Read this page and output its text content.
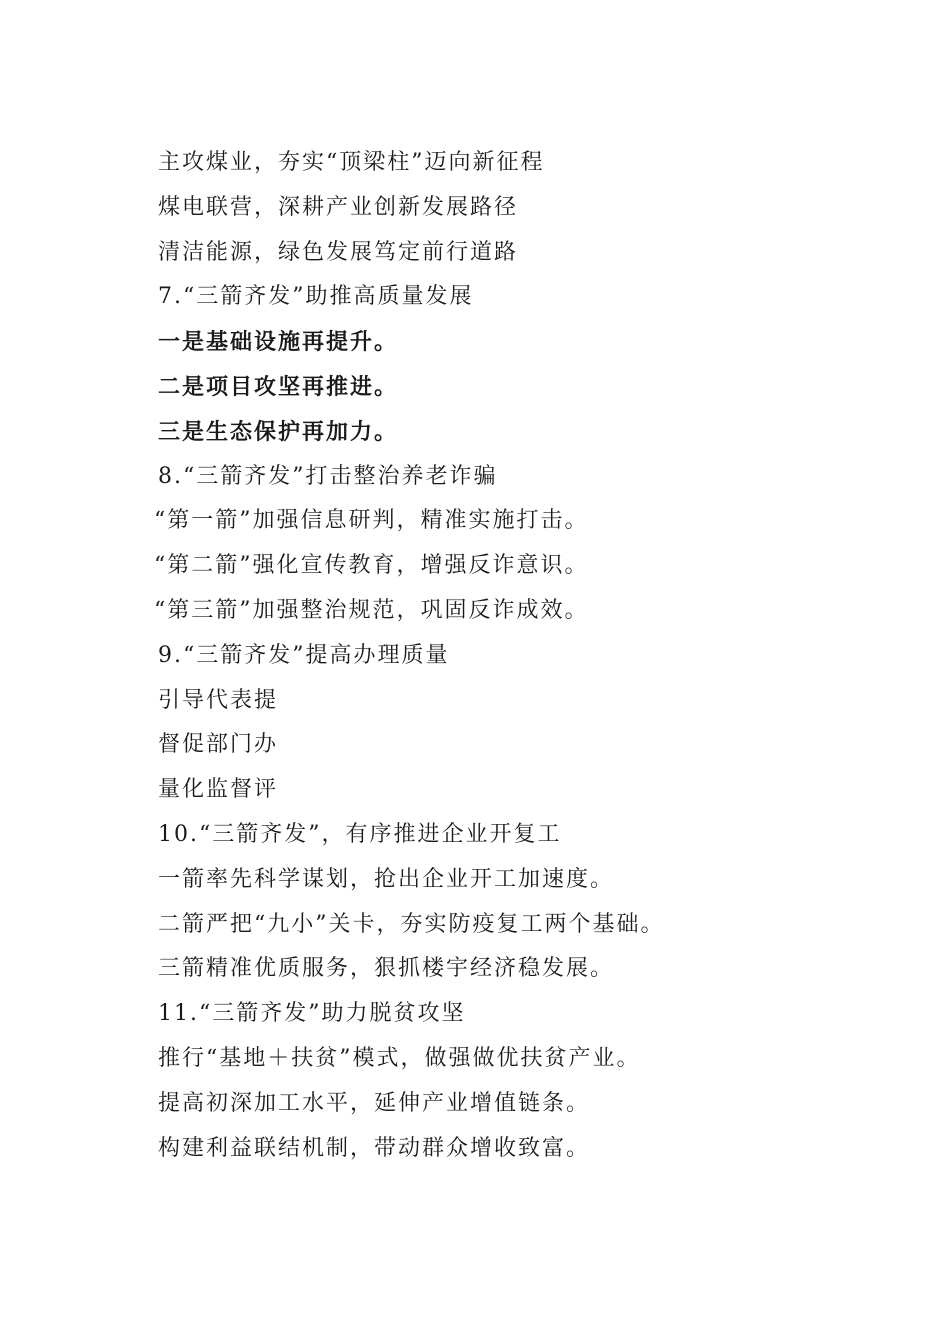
主攻煤业，夯实“顶梁柱”迈向新征程
煤电联营，深耕产业创新发展路径
清洁能源，绿色发展笃定前行道路
7.“三箭齐发”助推高质量发展
一是基础设施再提升。
二是项目攻坚再推进。
三是生态保护再加力。
8.“三箭齐发”打击整治养老诈骗
“第一箭”加强信息研判，精准实施打击。
“第二箭”强化宣传教育，增强反诈意识。
“第三箭”加强整治规范，巩固反诈成效。
9.“三箭齐发”提高办理质量
引导代表提
督促部门办
量化监督评
10.“三箭齐发”，有序推进企业开复工
一箭率先科学谋划，抢出企业开工加速度。
二箭严把“九小”关卡，夯实防疫复工两个基础。
三箭精准优质服务，狠抓楼宇经济稳发展。
11.“三箭齐发”助力脱贫攻坚
推行“基地＋扶贫”模式，做强做优扶贫产业。
提高初深加工水平，延伸产业增值链条。
构建利益联结机制，带动群众增收致富。
